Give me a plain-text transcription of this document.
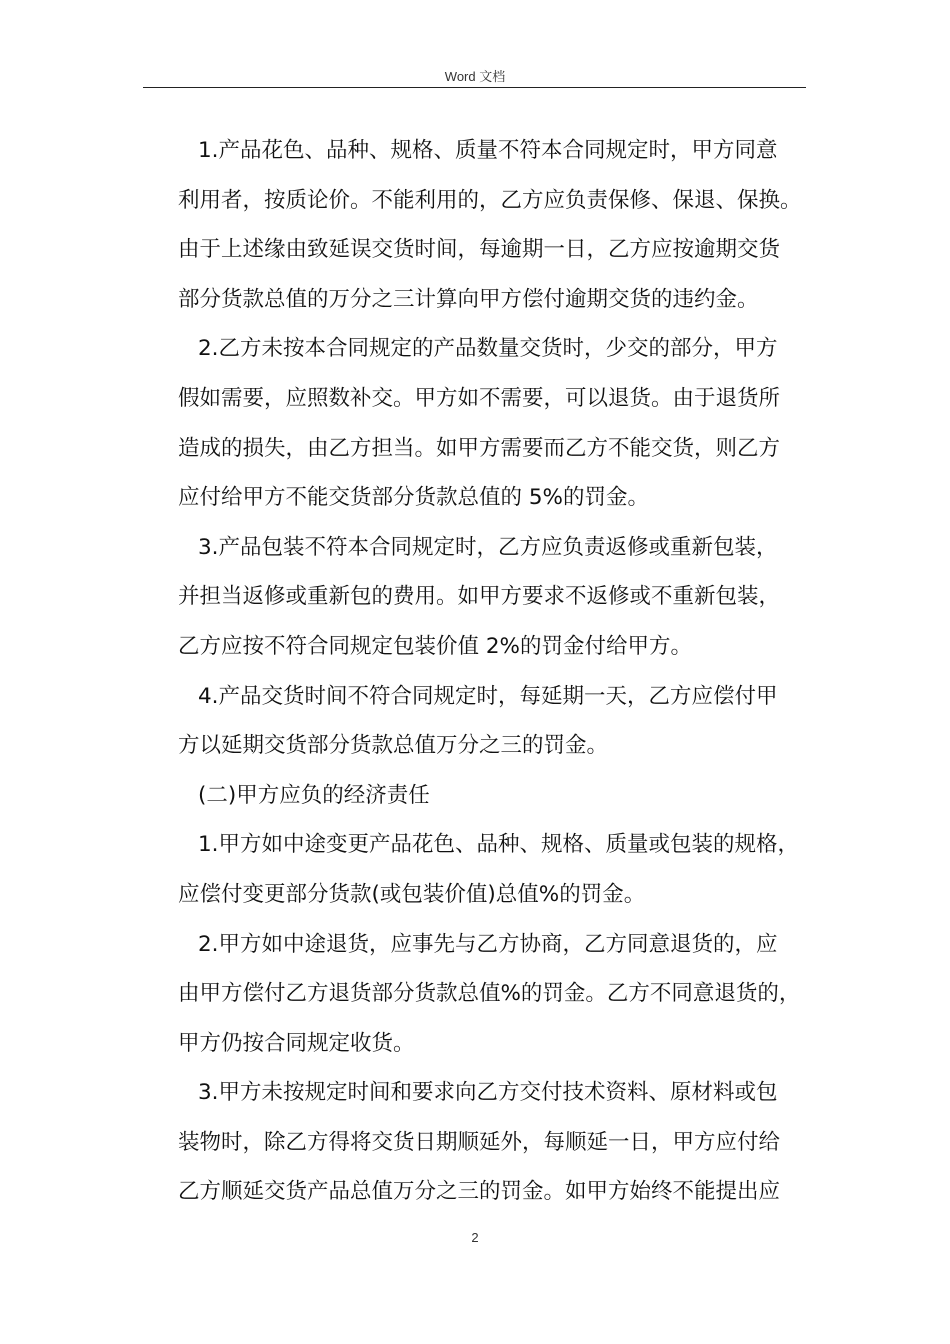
Word 文档

1.产品花色、品种、规格、质量不符本合同规定时，甲方同意
利用者，按质论价。不能利用的，乙方应负责保修、保退、保换。
由于上述缘由致延误交货时间，每逾期一日，乙方应按逾期交货
部分货款总值的万分之三计算向甲方偿付逾期交货的违约金。

2.乙方未按本合同规定的产品数量交货时，少交的部分，甲方
假如需要，应照数补交。甲方如不需要，可以退货。由于退货所
造成的损失，由乙方担当。如甲方需要而乙方不能交货，则乙方
应付给甲方不能交货部分货款总值的 5%的罚金。

3.产品包装不符本合同规定时，乙方应负责返修或重新包装，
并担当返修或重新包的费用。如甲方要求不返修或不重新包装，
乙方应按不符合同规定包装价值 2%的罚金付给甲方。

4.产品交货时间不符合同规定时，每延期一天，乙方应偿付甲
方以延期交货部分货款总值万分之三的罚金。

(二)甲方应负的经济责任

1.甲方如中途变更产品花色、品种、规格、质量或包装的规格，
应偿付变更部分货款(或包装价值)总值%的罚金。

2.甲方如中途退货，应事先与乙方协商，乙方同意退货的，应
由甲方偿付乙方退货部分货款总值%的罚金。乙方不同意退货的，
甲方仍按合同规定收货。

3.甲方未按规定时间和要求向乙方交付技术资料、原材料或包
装物时，除乙方得将交货日期顺延外，每顺延一日，甲方应付给
乙方顺延交货产品总值万分之三的罚金。如甲方始终不能提出应

2
